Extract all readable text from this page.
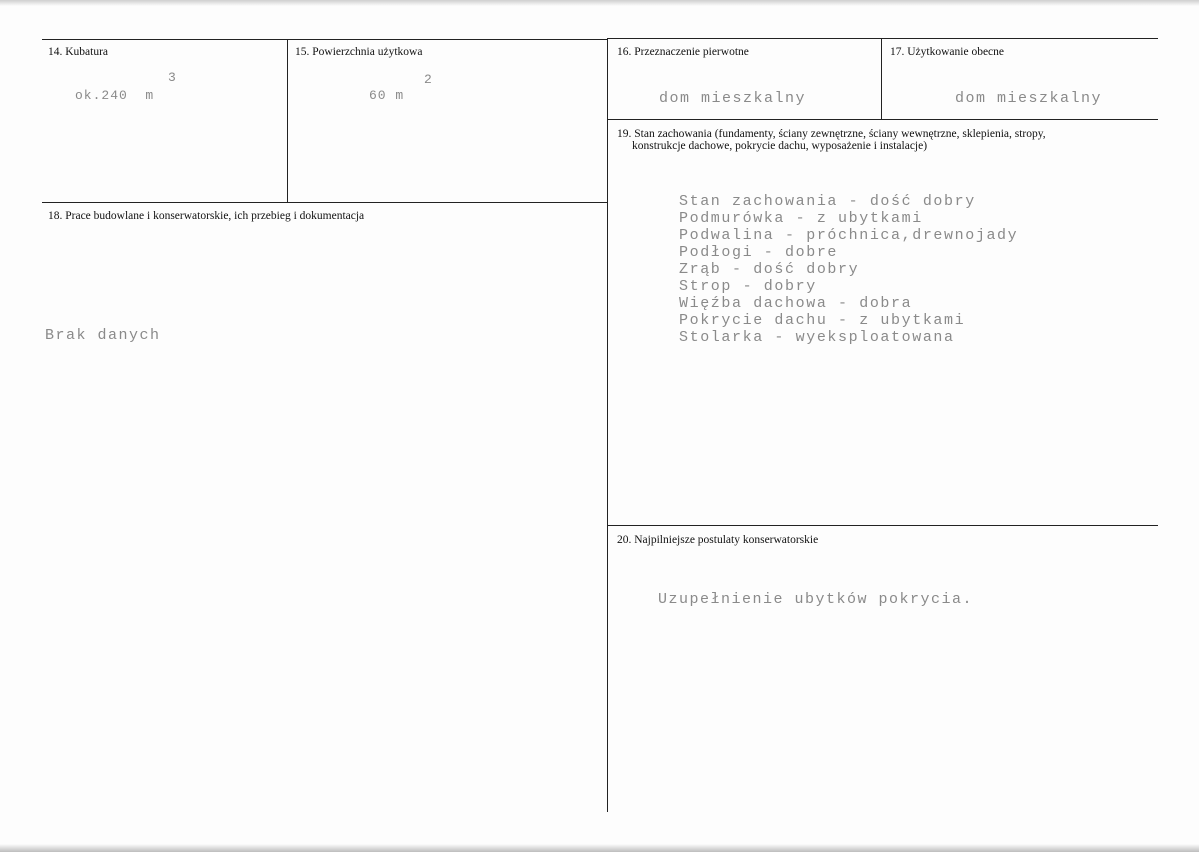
14. Kubatura
3
ok.240  m
15. Powierzchnia użytkowa
2
60 m
16. Przeznaczenie pierwotne
dom mieszkalny
17. Użytkowanie obecne
dom mieszkalny
18. Prace budowlane i konserwatorskie, ich przebieg i dokumentacja
Brak danych
19. Stan zachowania (fundamenty, ściany zewnętrzne, ściany wewnętrzne, sklepienia, stropy,
konstrukcje dachowe, pokrycie dachu, wyposażenie i instalacje)
Stan zachowania - dość dobry
Podmurówka - z ubytkami
Podwalina - próchnica,drewnojady
Podłogi - dobre
Zrąb - dość dobry
Strop - dobry
Więźba dachowa - dobra
Pokrycie dachu - z ubytkami
Stolarka - wyeksploatowana
20. Najpilniejsze postulaty konserwatorskie
Uzupełnienie ubytków pokrycia.
